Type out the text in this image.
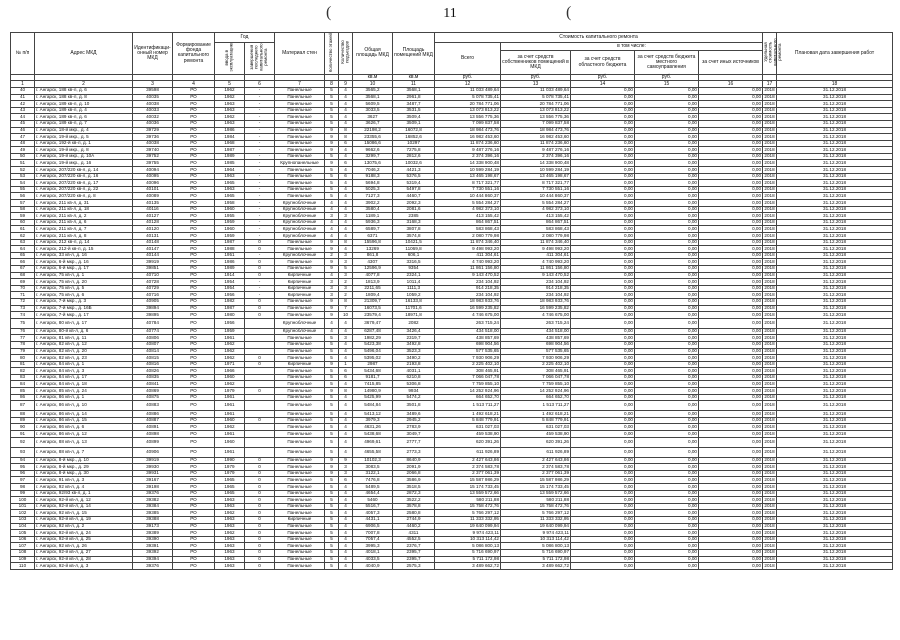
(	11	(
№ п/п	Адрес МКД	Идентификаци- онный номер МКД	Формирование фонда капитального ремонта	Год		Материал стен	Количество этажей	Количество подъездов	Общая площадь МКД	Площадь помещений МКД	Стоимость капитального ремонта					Удельная стоимость капитального ремонта	Плановая дата завершения работ
				ввода в эксплуатацию	завершения последнего капитального ремонта						Всего	в том числе:					
												за счет средств собственников помещений в МКД	за счет средств областного бюджета	за счет средств бюджета местного самоуправления	за счет иных источников		
									кв.м	кв.м	руб.	руб.	руб.	руб.			
1	2	3	4	5	6	7	8	9	10	11	12	13	14	15	16	17	18
40	г. Ангарск, 188 кв-л, д. 6	39598	РО	1962	-	Панельные	5	4	3565,2	3568,1	11 033 489,64	11 033 489,64	0,00	0,00	0,00	2018	31.12.2018
41	г. Ангарск, 188 кв-л, д. 8	40035	РО	1962	-	Панельные	5	4	3568,1	2961,8	5 078 735,41	5 078 735,41	0,00	0,00	0,00	2018	31.12.2018
42	г. Ангарск, 189 кв-л, д. 10	40038	РО	1963	-	Панельные	5	4	5609,5	3487,7	20 784 771,06	20 784 771,06	0,00	0,00	0,00	2018	31.12.2018
43	г. Ангарск, 189 кв-л, д. 4	40033	РО	1963	-	Панельные	5	4	3033,5	3531,5	13 073 813,22	13 073 813,22	0,00	0,00	0,00	2018	31.12.2018
44	г. Ангарск, 189 кв-л, д. 6	40032	РО	1962	-	Панельные	5	4	3627	3509,4	13 556 775,36	13 556 775,36	0,00	0,00	0,00	2018	31.12.2018
45	г. Ангарск, 189 кв-л, д. 7	40036	РО	1963	-	Панельные	5	4	3626,7	3509,1	7 099 837,58	7 099 837,58	0,00	0,00	0,00	2018	31.12.2018
46	г. Ангарск, 18-й мкр., д. 4	39729	РО	1986	-	Панельные	9	8	22198,2	16072,8	18 984 473,76	18 984 473,76	0,00	0,00	0,00	2018	31.12.2018
47	г. Ангарск, 19-й мкр., д. 5	39736	РО	1984	-	Панельные	9	8	23355,6	16852,6	16 982 453,60	16 982 453,60	0,00	0,00	0,00	2018	31.12.2018
48	г. Ангарск, 192-й кв-л, д. 1	40038	РО	1968	-	Панельные	9	6	15086,6	10297	11 874 236,60	11 874 236,60	0,00	0,00	0,00	2018	31.12.2018
49	г. Ангарск, 19-й мкр., д. 8	39740	РО	1987	-	Панельные	9	4	9662,6	7275,8	9 487 276,16	9 487 276,16	0,00	0,00	0,00	2018	31.12.2018
50	г. Ангарск, 19-й мкр., д. 10А	39752	РО	1989	-	Панельные	5	4	3299,7	2812,6	2 374 396,16	2 374 396,16	0,00	0,00	0,00	2018	31.12.2018
51	г. Ангарск, 19-й мкр., д. 16	39755	РО	1985	-	Крупнопанельные	9	6	13075,6	10032,6	14 338 900,48	14 338 900,48	0,00	0,00	0,00	2018	31.12.2018
52	г. Ангарск, 207/220 кв-л, д. 14	40094	РО	1964	-	Панельные	5	4	7046,2	4421,3	10 599 284,19	10 599 284,19	0,00	0,00	0,00	2018	31.12.2018
53	г. Ангарск, 207/220 кв-л, д. 16	40095	РО	1963	-	Панельные	5	6	9188,3	5376,5	13 465 198,67	13 465 198,67	0,00	0,00	0,00	2018	31.12.2018
54	г. Ангарск, 207/220 кв-л, д. 17	40096	РО	1965	-	Панельные	5	4	5694,8	5319,4	8 717 321,77	8 717 321,77	0,00	0,00	0,00	2018	31.12.2018
55	г. Ангарск, 207/220 кв-л, д. 22	40101	РО	1963	-	Панельные	5	4	5025,3	5497,8	7 730 551,16	7 730 551,16	0,00	0,00	0,00	2018	31.12.2018
56	г. Ангарск, 207/220 кв-л, д. 8	40089	РО	1965	-	Панельные	5	4	7127,3	4460,7	10 444 860,37	10 444 860,37	0,00	0,00	0,00	2018	31.12.2018
57	г. Ангарск, 211 кв-л, д. 31	40135	РО	1958	-	Крупноблочные	4	4	3902,2	2092,3	5 554 284,27	5 554 284,27	0,00	0,00	0,00	2018	31.12.2018
58	г. Ангарск, 211 кв-л, д. 18	40116	РО	1960	-	Крупноблочные	4	4	3580,4	2081,6	4 982 373,10	4 982 373,10	0,00	0,00	0,00	2018	31.12.2018
59	г. Ангарск, 211 кв-л, д. 2	40127	РО	1955	-	Крупноблочные	3	3	1189,1	2385	413 155,42	413 155,42	0,00	0,00	0,00	2018	31.12.2018
60	г. Ангарск, 211 кв-л, д. 6	40128	РО	1959	-	Крупноблочные	4	4	5936,3	3168,3	864 867,51	864 867,51	0,00	0,00	0,00	2018	31.12.2018
61	г. Ангарск, 211 кв-л, д. 7	40120	РО	1960	-	Крупноблочные	4	4	6589,7	3807,8	583 868,43	583 868,43	0,00	0,00	0,00	2018	31.12.2018
62	г. Ангарск, 211 кв-л, д. 8	40131	РО	1959	-	Крупноблочные	4	4	6371	3574,8	2 080 779,98	2 080 779,98	0,00	0,00	0,00	2018	31.12.2018
63	г. Ангарск, 212 кв-л, д. 14	40148	РО	1987	0	Панельные	9	8	15596,8	10421,5	11 874 346,40	11 874 346,40	0,00	0,00	0,00	2018	31.12.2018
64	г. Ангарск, 212-й кв-л, д. 15	40147	РО	1988	0	Панельные	9	4	13269	11069,8	9 498 993,20	9 498 993,20	0,00	0,00	0,00	2018	31.12.2018
65	г. Ангарск, 33 кв-л, д. 16	40144	РО	1951	-	Крупноблочные	2	3	861,8	606,1	411 304,61	411 304,61	0,00	0,00	0,00	2018	31.12.2018
66	г. Ангарск, 6-й мкр., д. 16	39919	РО	1986	0	Панельные	9	3	4307	3316,5	4 740 993,20	4 740 993,20	0,00	0,00	0,00	2018	31.12.2018
67	г. Ангарск, 6-й мкр., д. 17	39851	РО	1989	0	Панельные	9	5	12596,9	9354	11 861 156,80	11 861 156,80	0,00	0,00	0,00	2018	31.12.2018
68	г. Ангарск, 75 кв-л, д. 1	40710	РО	1914	0	Кирпичные	4	3	4077,8	2324,1	9 143 470,52	9 143 470,52	0,00	0,00	0,00	2018	31.12.2018
69	г. Ангарск, 75 кв-л, д. 20	40728	РО	1954	-	Кирпичные	3	2	1813,9	1011,4	234 104,92	234 104,92	0,00	0,00	0,00	2018	31.12.2018
70	г. Ангарск, 75 кв-л, д. 5	40729	РО	1954	-	Кирпичные	3	3	2211,65	1111,3	914 218,35	914 218,35	0,00	0,00	0,00	2018	31.12.2018
71	г. Ангарск, 75 кв-л, д. 6	40716	РО	1956	-	Кирпичные	3	2	1809,4	1059,2	234 104,92	234 104,92	0,00	0,00	0,00	2018	31.12.2018
72	г. Ангарск, 7-й мкр., д. 3	40905	РО	1982	0	Панельные	9	8	21309,7	16133,8	18 983 933,76	18 983 933,76	0,00	0,00	0,00	2018	31.12.2018
73	г. Ангарск, 7-й мкр., д. 16Б	39894	РО	1987	0	Панельные	9	7	16073,5	11701,6	16 599 235,82	16 599 235,82	0,00	0,00	0,00	2018	31.12.2018
74	г. Ангарск, 7-й мкр., д. 17	39895	РО	1980	0	Панельные	9	10	23579,4	18971,8	4 746 675,00	4 746 675,00	0,00	0,00	0,00	2018	31.12.2018
75	г. Ангарск, 80 кв-л, д. 17	40784	РО	1956		Крупноблочные	4	4	3679,47	2082	263 715,24	263 715,24	0,00	0,00	0,00	2018	31.12.2018
76	г. Ангарск, 80-й кв-л, д. 6	40774	РО	1959		Крупноблочные	4	4	6287,48	3426,4	434 518,00	434 518,00	0,00	0,00	0,00	2018	31.12.2018
77	г. Ангарск, 81 кв-л, д. 11	40806	РО	1961		Панельные	5	3	1982,29	2319,7	438 857,69	438 857,69	0,00	0,00	0,00	2018	31.12.2018
78	г. Ангарск, 82 кв-л, д. 12	40807	РО	1962		Панельные	5	4	5423,38	3492,8	698 904,56	698 904,56	0,00	0,00	0,00	2018	31.12.2018
79	г. Ангарск, 82 кв-л, д. 20	40814	РО	1962		Панельные	5	4	5496,04	3523,3	577 535,65	577 535,65	0,00	0,00	0,00	2018	31.12.2018
80	г. Ангарск, 82 кв-л, д. 23	40815	РО	1962	0	Панельные	5	4	5395,02	3490,2	7 930 906,29	7 930 906,29	0,00	0,00	0,00	2018	31.12.2018
81	г. Ангарск, 84 кв-л, д. 1	40816	РО	1971	0	Кирпичные	9	1	2987	2193,8	2 225 402,10	2 225 402,10	0,00	0,00	0,00	2018	31.12.2018
82	г. Ангарск, 84 кв-л, д. 3	40826	РО	1966		Панельные	5	6	5434,68	4031,1	308 465,91	308 465,91	0,00	0,00	0,00	2018	31.12.2018
83	г. Ангарск, 84 кв-л, д. 17	40835	РО	1960		Панельные	5	6	9181,7	6210,8	7 066 047,78	7 066 047,78	0,00	0,00	0,00	2018	31.12.2018
84	г. Ангарск, 84 кв-л, д. 18	40841	РО	1962		Панельные	5	4	7415,85	5306,8	7 759 855,10	7 759 855,10	0,00	0,00	0,00	2018	31.12.2018
85	г. Ангарск, 85 кв-л, д. 24	40869	РО	1979	0	Панельные	9	8	14980,9	9934	14 252 924,96	14 252 924,96	0,00	0,00	0,00	2018	31.12.2018
86	г. Ангарск, 86 кв-л, д. 1	40875	РО	1961		Панельные	5	4	5425,99	5474,2	664 652,70	664 652,70	0,00	0,00	0,00	2018	31.12.2018
87	г. Ангарск, 86 кв-л, д. 10	40883	РО	1961		Панельные	5	4	5484,84	3501,8	1 513 711,27	1 513 711,27	0,00	0,00	0,00	2018	31.12.2018
88	г. Ангарск, 86 кв-л, д. 14	40886	РО	1961		Панельные	5	4	5413,12	3489,6	1 492 618,21	1 492 618,21	0,00	0,00	0,00	2018	31.12.2018
89	г. Ангарск, 86 кв-л, д. 15	40887	РО	1960	0	Панельные	5	4	3979,3	2945,2	5 848 779,91	5 848 779,91	0,00	0,00	0,00	2018	31.12.2018
90	г. Ангарск, 86 кв-л, д. 6	40891	РО	1962		Панельные	5	4	4631,26	2783,9	631 027,03	631 027,03	0,00	0,00	0,00	2018	31.12.2018
91	г. Ангарск, 86 кв-л, д. 12	40898	РО	1961		Панельные	5	4	5438,68	3049,7	459 538,90	459 538,90	0,00	0,00	0,00	2018	31.12.2018
92	г. Ангарск, 88 кв-л, д. 13	40899	РО	1960		Панельные	5	4	4969,61	2777,7	620 391,26	620 391,26	0,00	0,00	0,00	2018	31.12.2018
93	г. Ангарск, 88 кв-л, д. 7	40906	РО	1961		Панельные	5	4	4655,58	2773,3	611 926,89	611 926,89	0,00	0,00	0,00	2018	31.12.2018
94	г. Ангарск, 8-й мкр., д. 10	39919	РО	1990	0	Панельные	9	9	10102,3	8640,9	2 427 643,86	2 427 643,86	0,00	0,00	0,00	2018	31.12.2018
95	г. Ангарск, 8-й мкр., д. 29	39930	РО	1979	0	Панельные	9	3	3083,5	2091,9	2 374 583,78	2 374 583,78	0,00	0,00	0,00	2018	31.12.2018
96	г. Ангарск, 8-й мкр., д. 30	39931	РО	1979	0	Панельные	9	3	3122,1	2066,8	2 377 061,39	2 377 061,39	0,00	0,00	0,00	2018	31.12.2018
97	г. Ангарск, 91 кв-л, д. 3	39167	РО	1965	0	Панельные	5	6	7476,8	3586,9	15 587 986,29	15 587 986,29	0,00	0,00	0,00	2018	31.12.2018
98	г. Ангарск, 92 кв-л, д. 4	39198	РО	1965	0	Панельные	5	4	5489,5	3518,5	15 174 733,45	15 174 733,45	0,00	0,00	0,00	2018	31.12.2018
99	г. Ангарск, 92/93 кв-л, д. 1	39376	РО	1965	0	Панельные	5	4	4654,4	2872,3	13 559 572,66	13 559 572,66	0,00	0,00	0,00	2018	31.12.2018
100	г. Ангарск, 92-й кв-л, д. 12	39382	РО	1963	0	Панельные	5	4	5460	3522,2	580 211,88	580 211,88	0,00	0,00	0,00	2018	31.12.2018
101	г. Ангарск, 92-й кв-л, д. 14	39384	РО	1963	0	Панельные	5	4	5516,7	3578,8	15 758 472,76	15 758 472,76	0,00	0,00	0,00	2018	31.12.2018
102	г. Ангарск, 92 кв-л, д. 15	39385	РО	1962	0	Панельные	5	4	4057,3	2580,8	5 766 297,12	5 766 297,12	0,00	0,00	0,00	2018	31.12.2018
103	г. Ангарск, 92-й кв-л, д. 19	39388	РО	1963	0	Кирпичные	5	4	4431,1	2744,9	11 333 332,95	11 333 332,95	0,00	0,00	0,00	2018	31.12.2018
104	г. Ангарск, 92 кв-л, д. 2	39173	РО	1963	0	Панельные	5	4	6906,5	4460,2	19 640 099,94	19 640 099,94	0,00	0,00	0,00	2018	31.12.2018
105	г. Ангарск, 92-й кв-л, д. 24	39389	РО	1962	0	Панельные	5	4	7007,8	4311	9 974 423,11	9 974 423,11	0,00	0,00	0,00	2018	31.12.2018
106	г. Ангарск, 92-й кв-л, д. 25	39390	РО	1963	0	Панельные	5	4	7057,4	4552,5	10 313 114,42	10 313 114,42	0,00	0,00	0,00	2018	31.12.2018
107	г. Ангарск, 92 кв-л, д. 26	39391	РО	1963	0	Панельные	5	4	3995,3	2376,7	5 086 800,13	5 086 800,13	0,00	0,00	0,00	2018	31.12.2018
108	г. Ангарск, 92-й кв-л, д. 27	39392	РО	1963	0	Панельные	5	4	4018,1	2395,7	5 716 690,97	5 716 690,97	0,00	0,00	0,00	2018	31.12.2018
109	г. Ангарск, 92-й кв-л, д. 28	39394	РО	1963	0	Панельные	5	4	4033,5	2395,7	5 711 172,98	5 711 172,98	0,00	0,00	0,00	2018	31.12.2018
110	г. Ангарск, 92-й кв-л, д. 3	39376	РО	1963	0	Панельные	5	4	4040,9	2575,3	3 489 662,72	3 489 662,72	0,00	0,00	0,00	2018	31.12.2018
